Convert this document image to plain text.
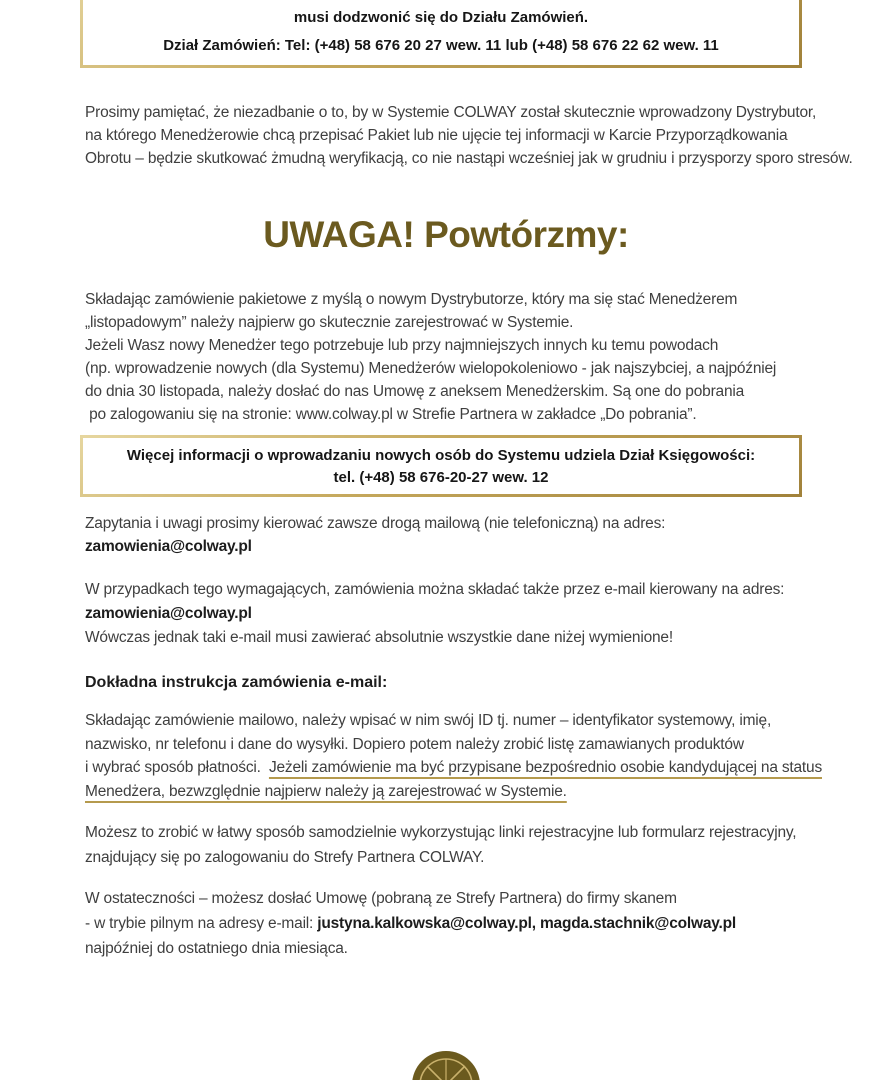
musi dodzwonić się do Działu Zamówień.
Dział Zamówień: Tel: (+48) 58 676 20 27 wew. 11 lub (+48) 58 676 22 62 wew. 11
Prosimy pamiętać, że niezadbanie o to, by w Systemie COLWAY został skutecznie wprowadzony Dystrybutor,
na którego Menedżerowie chcą przepisać Pakiet lub nie ujęcie tej informacji w Karcie Przyporządkowania
Obrotu – będzie skutkować żmudną weryfikacją, co nie nastąpi wcześniej jak w grudniu i przysporzy sporo stresów.
UWAGA! Powtórzmy:
Składając zamówienie pakietowe z myślą o nowym Dystrybutorze, który ma się stać Menedżerem
„listopadowym” należy najpierw go skutecznie zarejestrować w Systemie.
Jeżeli Wasz nowy Menedżer tego potrzebuje lub przy najmniejszych innych ku temu powodach
(np. wprowadzenie nowych (dla Systemu) Menedżerów wielopokoleniowo - jak najszybciej, a najpóźniej
do dnia 30 listopada, należy dosłać do nas Umowę z aneksem Menedżerskim. Są one do pobrania
po zalogowaniu się na stronie: www.colway.pl w Strefie Partnera w zakładce „Do pobrania”.
Więcej informacji o wprowadzaniu nowych osób do Systemu udziela Dział Księgowości:
tel. (+48) 58 676-20-27 wew. 12
Zapytania i uwagi prosimy kierować zawsze drogą mailową (nie telefoniczną) na adres:
zamowienia@colway.pl
W przypadkach tego wymagających, zamówienia można składać także przez e-mail kierowany na adres:
zamowienia@colway.pl
Wówczas jednak taki e-mail musi zawierać absolutnie wszystkie dane niżej wymienione!
Dokładna instrukcja zamówienia e-mail:
Składając zamówienie mailowo, należy wpisać w nim swój ID tj. numer – identyfikator systemowy, imię,
nazwisko, nr telefonu i dane do wysyłki. Dopiero potem należy zrobić listę zamawianych produktów
i wybrać sposób płatności.  Jeżeli zamówienie ma być przypisane bezpośrednio osobie kandydującej na status
Menedżera, bezwzględnie najpierw należy ją zarejestrować w Systemie.
Możesz to zrobić w łatwy sposób samodzielnie wykorzystując linki rejestracyjne lub formularz rejestracyjny,
znajdujący się po zalogowaniu do Strefy Partnera COLWAY.
W ostateczności – możesz dosłać Umowę (pobraną ze Strefy Partnera) do firmy skanem
- w trybie pilnym na adresy e-mail: justyna.kalkowska@colway.pl, magda.stachnik@colway.pl
najpóźniej do ostatniego dnia miesiąca.
